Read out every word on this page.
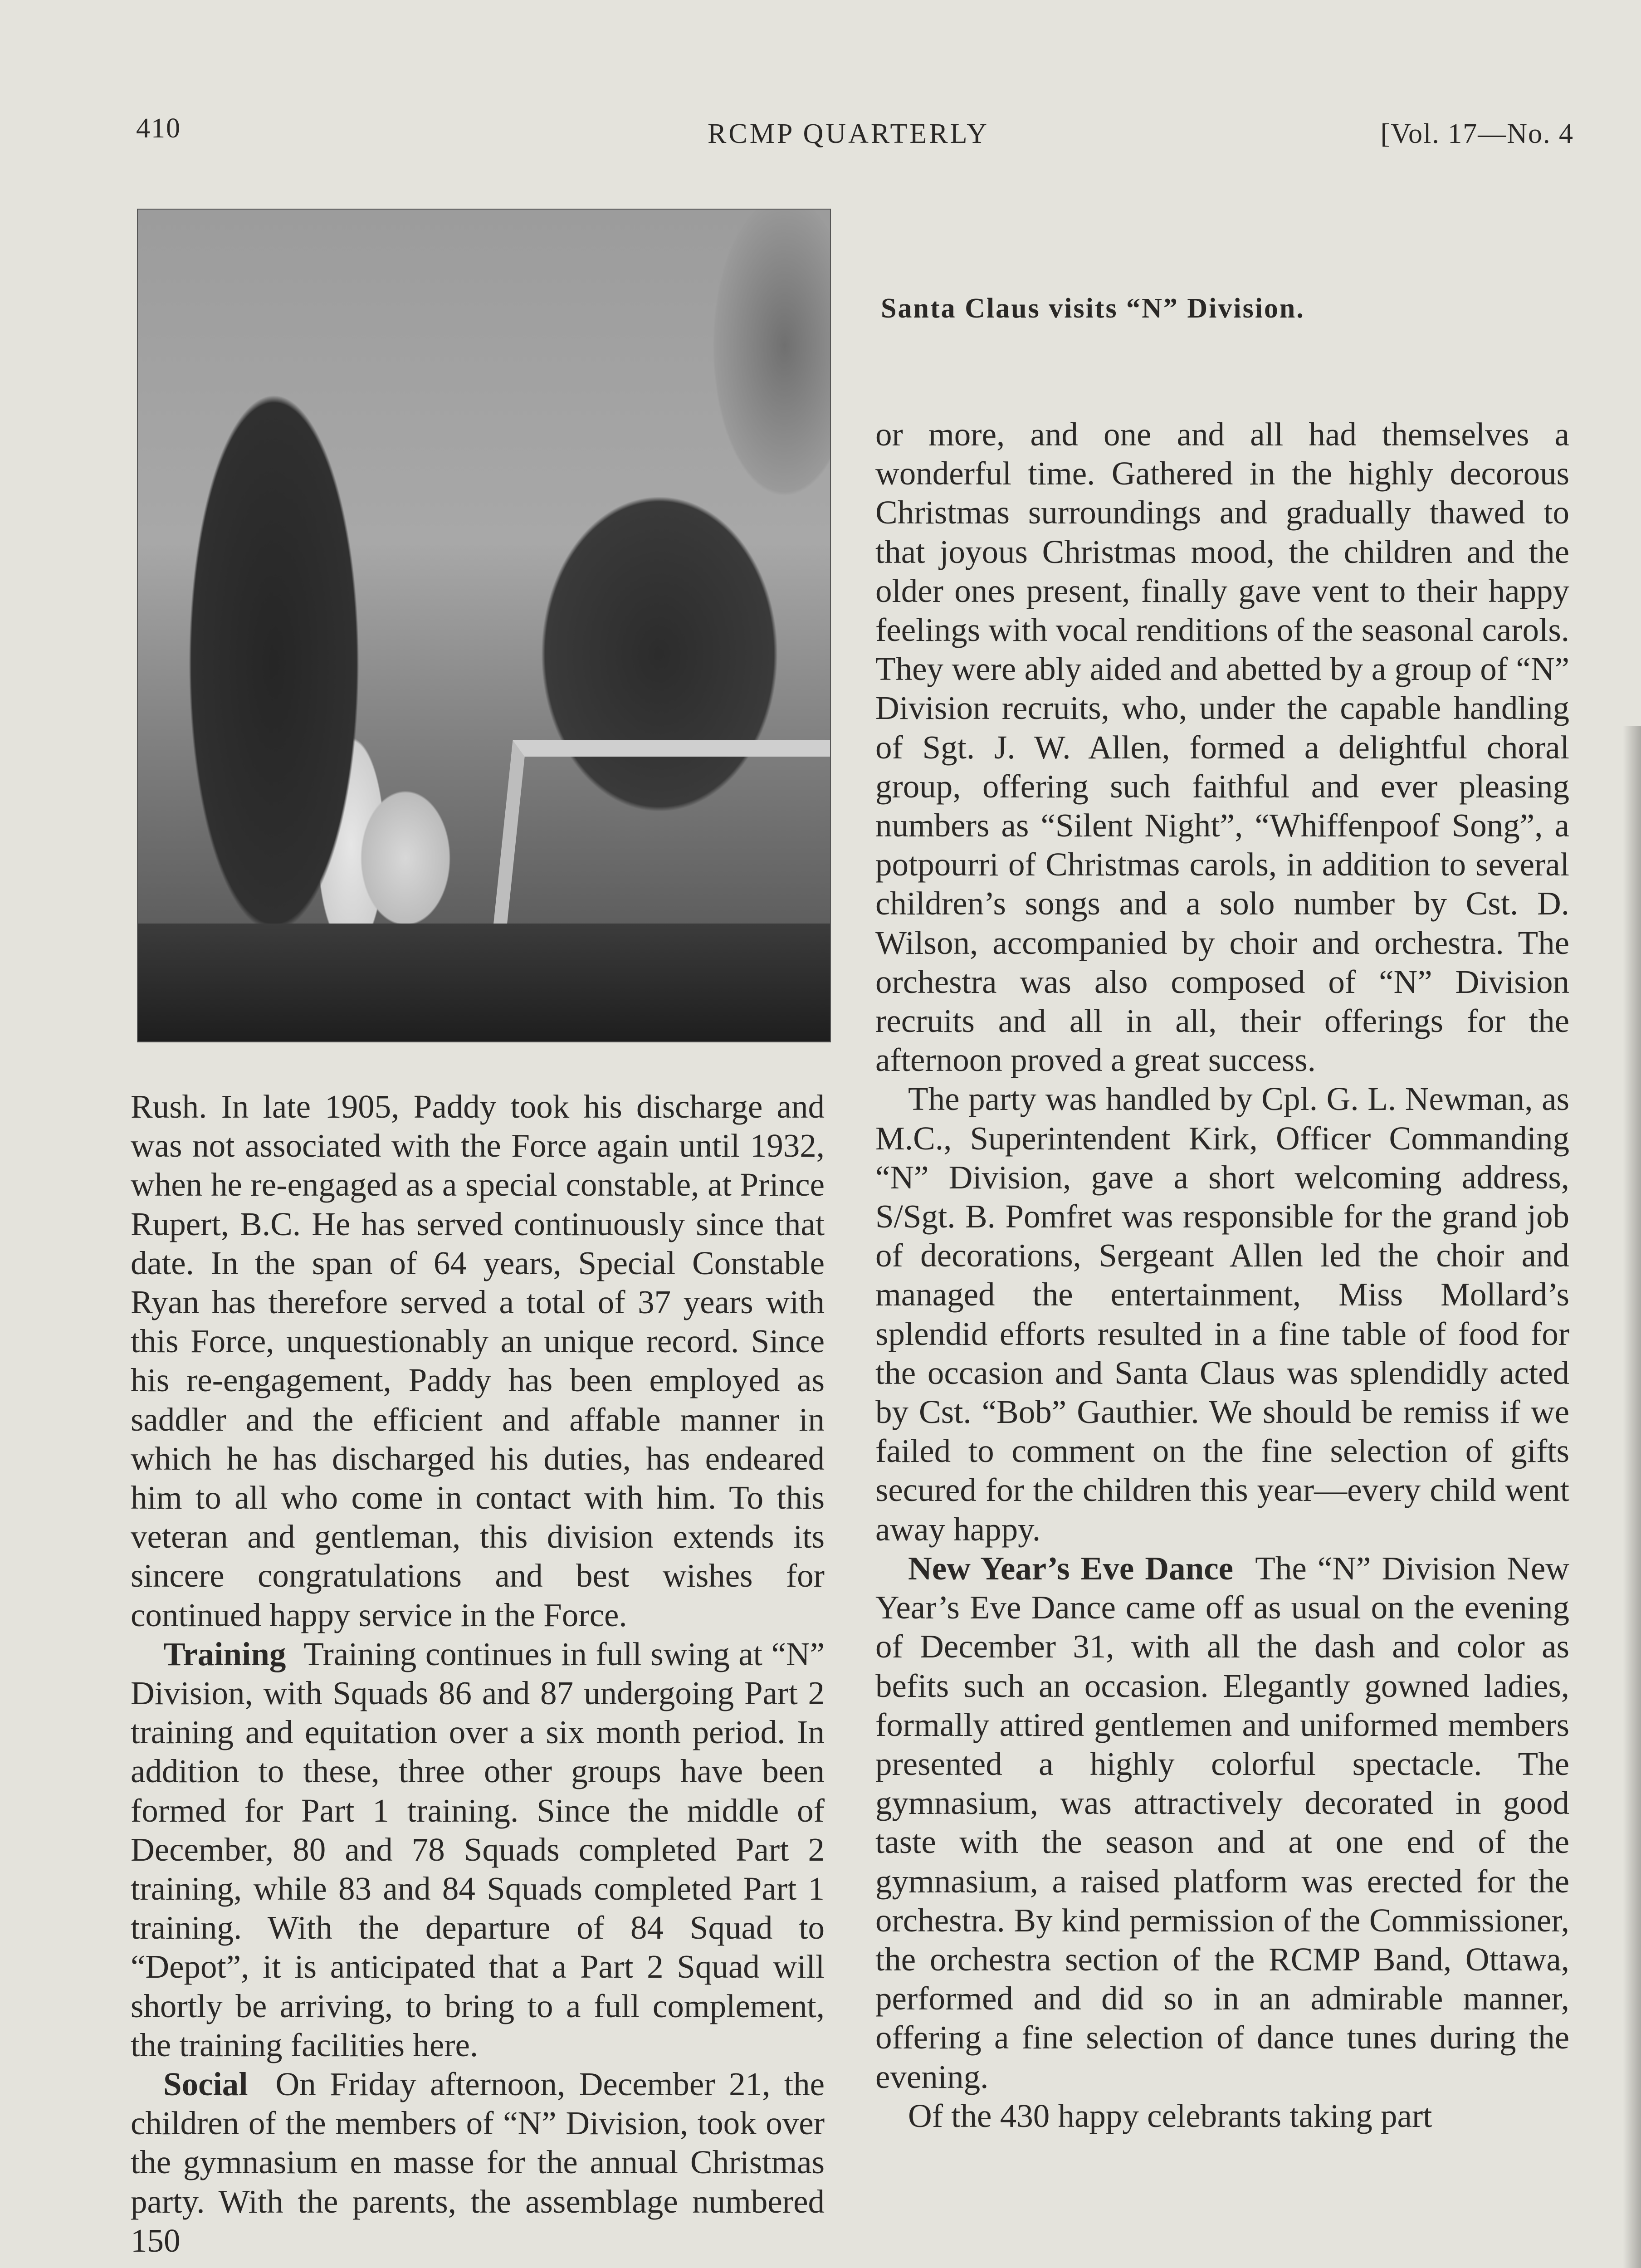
410	RCMP QUARTERLY	[Vol. 17—No. 4
Santa Claus visits “N” Division.

Rush. In late 1905, Paddy took his discharge and was not associated with the Force again until 1932, when he re-engaged as a special constable, at Prince Rupert, B.C. He has served continuously since that date. In the span of 64 years, Special Constable Ryan has therefore served a total of 37 years with this Force, unquestionably an unique record. Since his re-engagement, Paddy has been employed as saddler and the efficient and affable manner in which he has discharged his duties, has endeared him to all who come in contact with him. To this veteran and gentleman, this division extends its sincere congratulations and best wishes for continued happy service in the Force.

Training Training continues in full swing at “N” Division, with Squads 86 and 87 undergoing Part 2 training and equitation over a six month period. In addition to these, three other groups have been formed for Part 1 training. Since the middle of December, 80 and 78 Squads completed Part 2 training, while 83 and 84 Squads completed Part 1 training. With the departure of 84 Squad to “Depot”, it is anticipated that a Part 2 Squad will shortly be arriving, to bring to a full complement, the training facilities here.

Social On Friday afternoon, December 21, the children of the members of “N” Division, took over the gymnasium en masse for the annual Christmas party. With the parents, the assemblage numbered 150

or more, and one and all had themselves a wonderful time. Gathered in the highly decorous Christmas surroundings and gradually thawed to that joyous Christmas mood, the children and the older ones present, finally gave vent to their happy feelings with vocal renditions of the seasonal carols. They were ably aided and abetted by a group of “N” Division recruits, who, under the capable handling of Sgt. J. W. Allen, formed a delightful choral group, offering such faithful and ever pleasing numbers as “Silent Night”, “Whiffenpoof Song”, a potpourri of Christmas carols, in addition to several children’s songs and a solo number by Cst. D. Wilson, accompanied by choir and orchestra. The orchestra was also composed of “N” Division recruits and all in all, their offerings for the afternoon proved a great success.

The party was handled by Cpl. G. L. Newman, as M.C., Superintendent Kirk, Officer Commanding “N” Division, gave a short welcoming address, S/Sgt. B. Pomfret was responsible for the grand job of decorations, Sergeant Allen led the choir and managed the entertainment, Miss Mollard’s splendid efforts resulted in a fine table of food for the occasion and Santa Claus was splendidly acted by Cst. “Bob” Gauthier. We should be remiss if we failed to comment on the fine selection of gifts secured for the children this year—every child went away happy.

New Year’s Eve Dance The “N” Division New Year’s Eve Dance came off as usual on the evening of December 31, with all the dash and color as befits such an occasion. Elegantly gowned ladies, formally attired gentlemen and uniformed members presented a highly colorful spectacle. The gymnasium, was attractively decorated in good taste with the season and at one end of the gymnasium, a raised platform was erected for the orchestra. By kind permission of the Commissioner, the orchestra section of the RCMP Band, Ottawa, performed and did so in an admirable manner, offering a fine selection of dance tunes during the evening.

Of the 430 happy celebrants taking part
